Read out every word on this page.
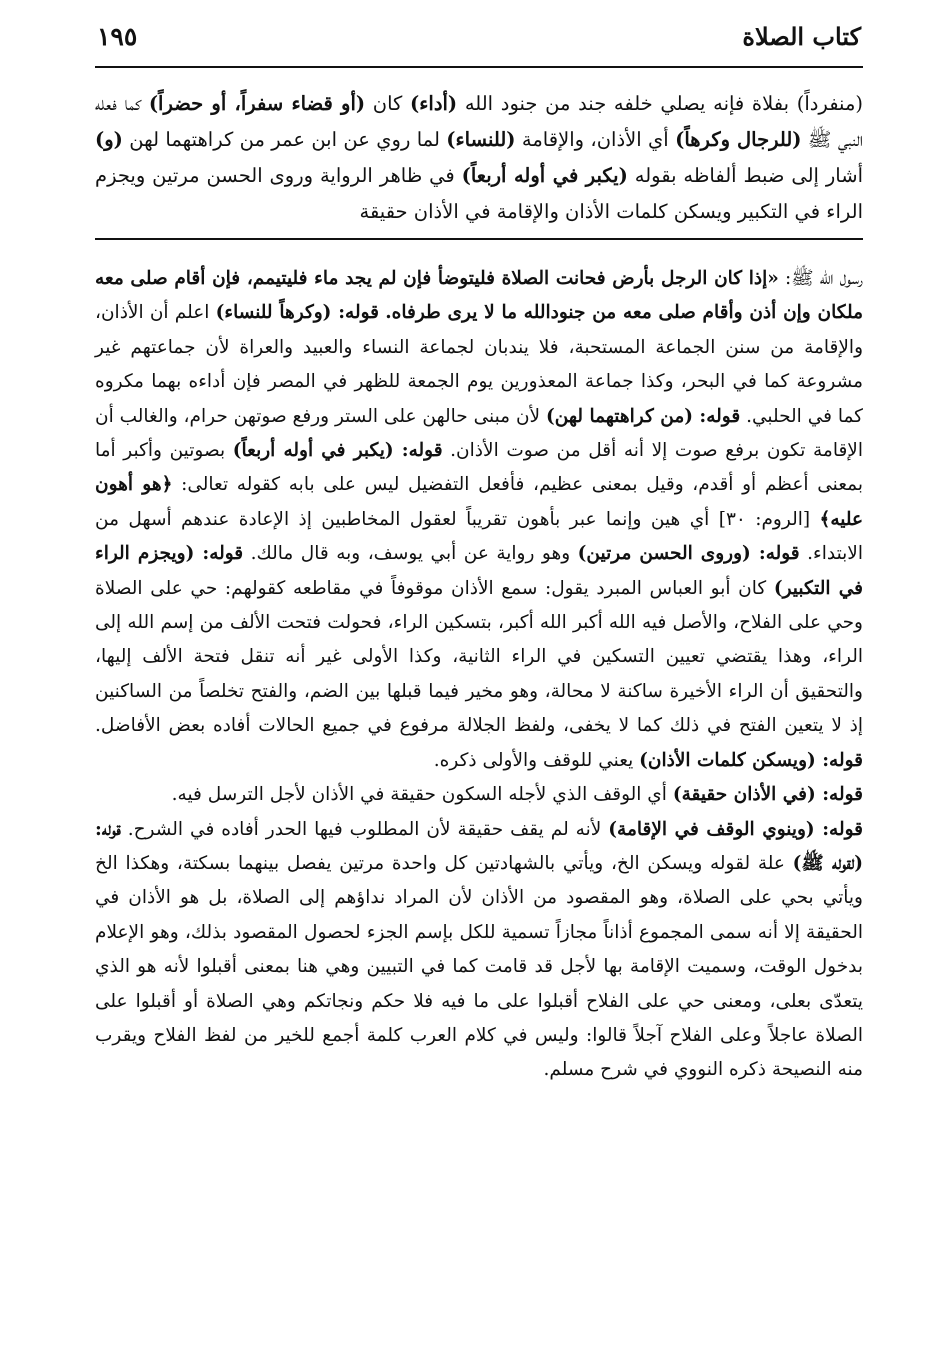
كتاب الصلاة
١٩٥

(منفرداً) بفلاة فإنه يصلي خلفه جند من جنود الله (أداء) كان (أو قضاء سفراً، أو حضراً) كما فعله النبي ﷺ (للرجال وكرهاً) أي الأذان، والإقامة (للنساء) لما روي عن ابن عمر من كراهتهما لهن (و) أشار إلى ضبط ألفاظه بقوله (يكبر في أوله أربعاً) في ظاهر الرواية وروى الحسن مرتين ويجزم الراء في التكبير ويسكن كلمات الأذان والإقامة في الأذان حقيقة

رسول الله ﷺ: «إذا كان الرجل بأرض فحانت الصلاة فليتوضأ فإن لم يجد ماء فليتيمم، فإن أقام صلى معه ملكان وإن أذن وأقام صلى معه من جنودالله ما لا يرى طرفاه. قوله: (وكرهاً للنساء) اعلم أن الأذان، والإقامة من سنن الجماعة المستحبة، فلا يندبان لجماعة النساء والعبيد والعراة لأن جماعتهم غير مشروعة كما في البحر، وكذا جماعة المعذورين يوم الجمعة للظهر في المصر فإن أداءه بهما مكروه كما في الحلبي. قوله: (من كراهتهما لهن) لأن مبنى حالهن على الستر ورفع صوتهن حرام، والغالب أن الإقامة تكون برفع صوت إلا أنه أقل من صوت الأذان. قوله: (يكبر في أوله أربعاً) بصوتين وأكبر أما بمعنى أعظم أو أقدم، وقيل بمعنى عظيم، فأفعل التفضيل ليس على بابه كقوله تعالى: ﴿هو أهون عليه﴾ [الروم: ٣٠] أي هين وإنما عبر بأهون تقريباً لعقول المخاطبين إذ الإعادة عندهم أسهل من الابتداء. قوله: (وروى الحسن مرتين) وهو رواية عن أبي يوسف، وبه قال مالك. قوله: (ويجزم الراء في التكبير) كان أبو العباس المبرد يقول: سمع الأذان موقوفاً في مقاطعه كقولهم: حي على الصلاة وحي على الفلاح، والأصل فيه الله أكبر الله أكبر، بتسكين الراء، فحولت فتحت الألف من إسم الله إلى الراء، وهذا يقتضي تعيين التسكين في الراء الثانية، وكذا الأولى غير أنه تنقل فتحة الألف إليها، والتحقيق أن الراء الأخيرة ساكنة لا محالة، وهو مخير فيما قبلها بين الضم، والفتح تخلصاً من الساكنين إذ لا يتعين الفتح في ذلك كما لا يخفى، ولفظ الجلالة مرفوع في جميع الحالات أفاده بعض الأفاضل. قوله: (ويسكن كلمات الأذان) يعني للوقف والأولى ذكره.

قوله: (في الأذان حقيقة) أي الوقف الذي لأجله السكون حقيقة في الأذان لأجل الترسل فيه.

قوله: (وينوي الوقف في الإقامة) لأنه لم يقف حقيقة لأن المطلوب فيها الحدر أفاده في الشرح. قوله: (لقوله ﷺ) علة لقوله ويسكن الخ، ويأتي بالشهادتين كل واحدة مرتين يفصل بينهما بسكتة، وهكذا الخ ويأتي بحي على الصلاة، وهو المقصود من الأذان لأن المراد نداؤهم إلى الصلاة، بل هو الأذان في الحقيقة إلا أنه سمى المجموع أذاناً مجازاً تسمية للكل بإسم الجزء لحصول المقصود بذلك، وهو الإعلام بدخول الوقت، وسميت الإقامة بها لأجل قد قامت كما في التبيين وهي هنا بمعنى أقبلوا لأنه هو الذي يتعدّى بعلى، ومعنى حي على الفلاح أقبلوا على ما فيه فلا حكم ونجاتكم وهي الصلاة أو أقبلوا على الصلاة عاجلاً وعلى الفلاح آجلاً قالوا: وليس في كلام العرب كلمة أجمع للخير من لفظ الفلاح ويقرب منه النصيحة ذكره النووي في شرح مسلم.
